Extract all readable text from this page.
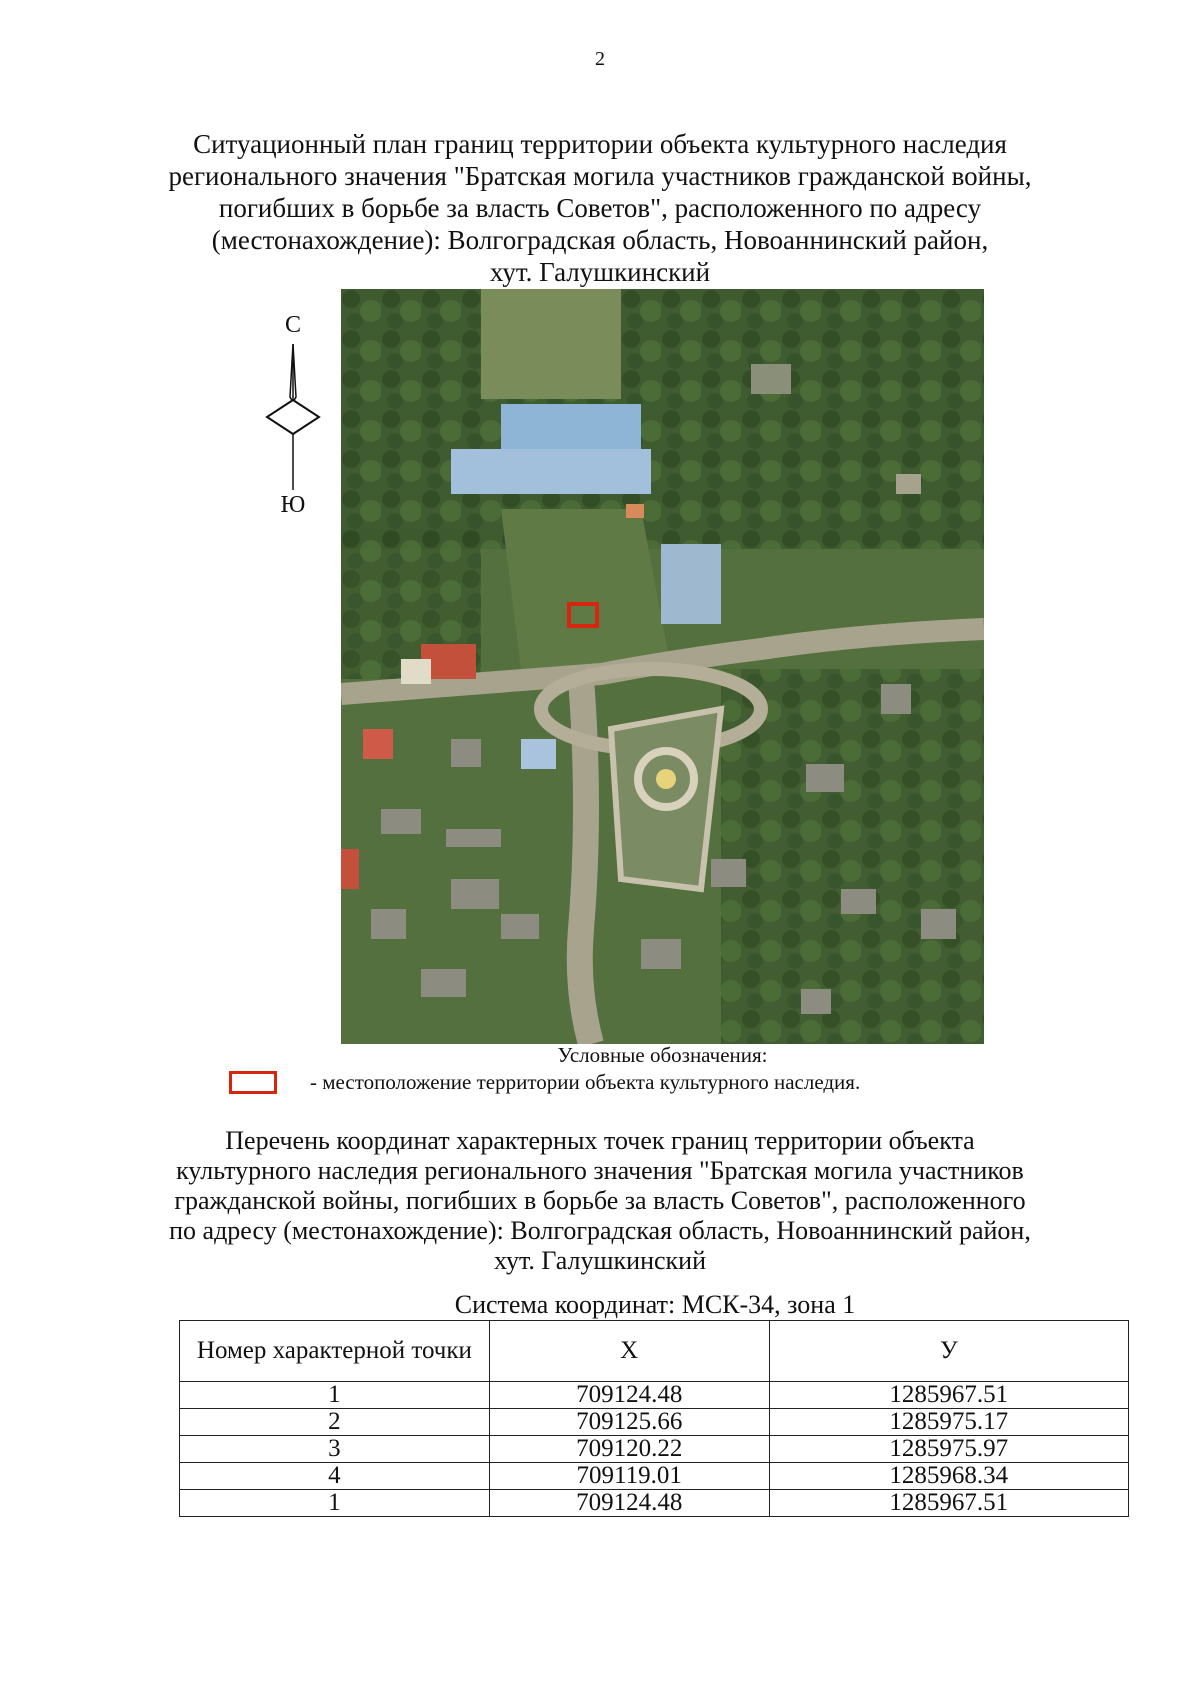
2
Ситуационный план границ территории объекта культурного наследия
регионального значения "Братская могила участников гражданской войны,
погибших в борьбе за власть Советов", расположенного по адресу
(местонахождение): Волгоградская область, Новоаннинский район,
хут. Галушкинский
С
Ю
Условные обозначения:
- местоположение территории объекта культурного наследия.
Перечень координат характерных точек границ территории объекта
культурного наследия регионального значения "Братская могила участников
гражданской войны, погибших в борьбе за власть Советов", расположенного
по адресу (местонахождение): Волгоградская область, Новоаннинский район,
хут. Галушкинский
Система координат: МСК-34, зона 1
Номер характерной точки	X	У
1	709124.48	1285967.51
2	709125.66	1285975.17
3	709120.22	1285975.97
4	709119.01	1285968.34
1	709124.48	1285967.51
